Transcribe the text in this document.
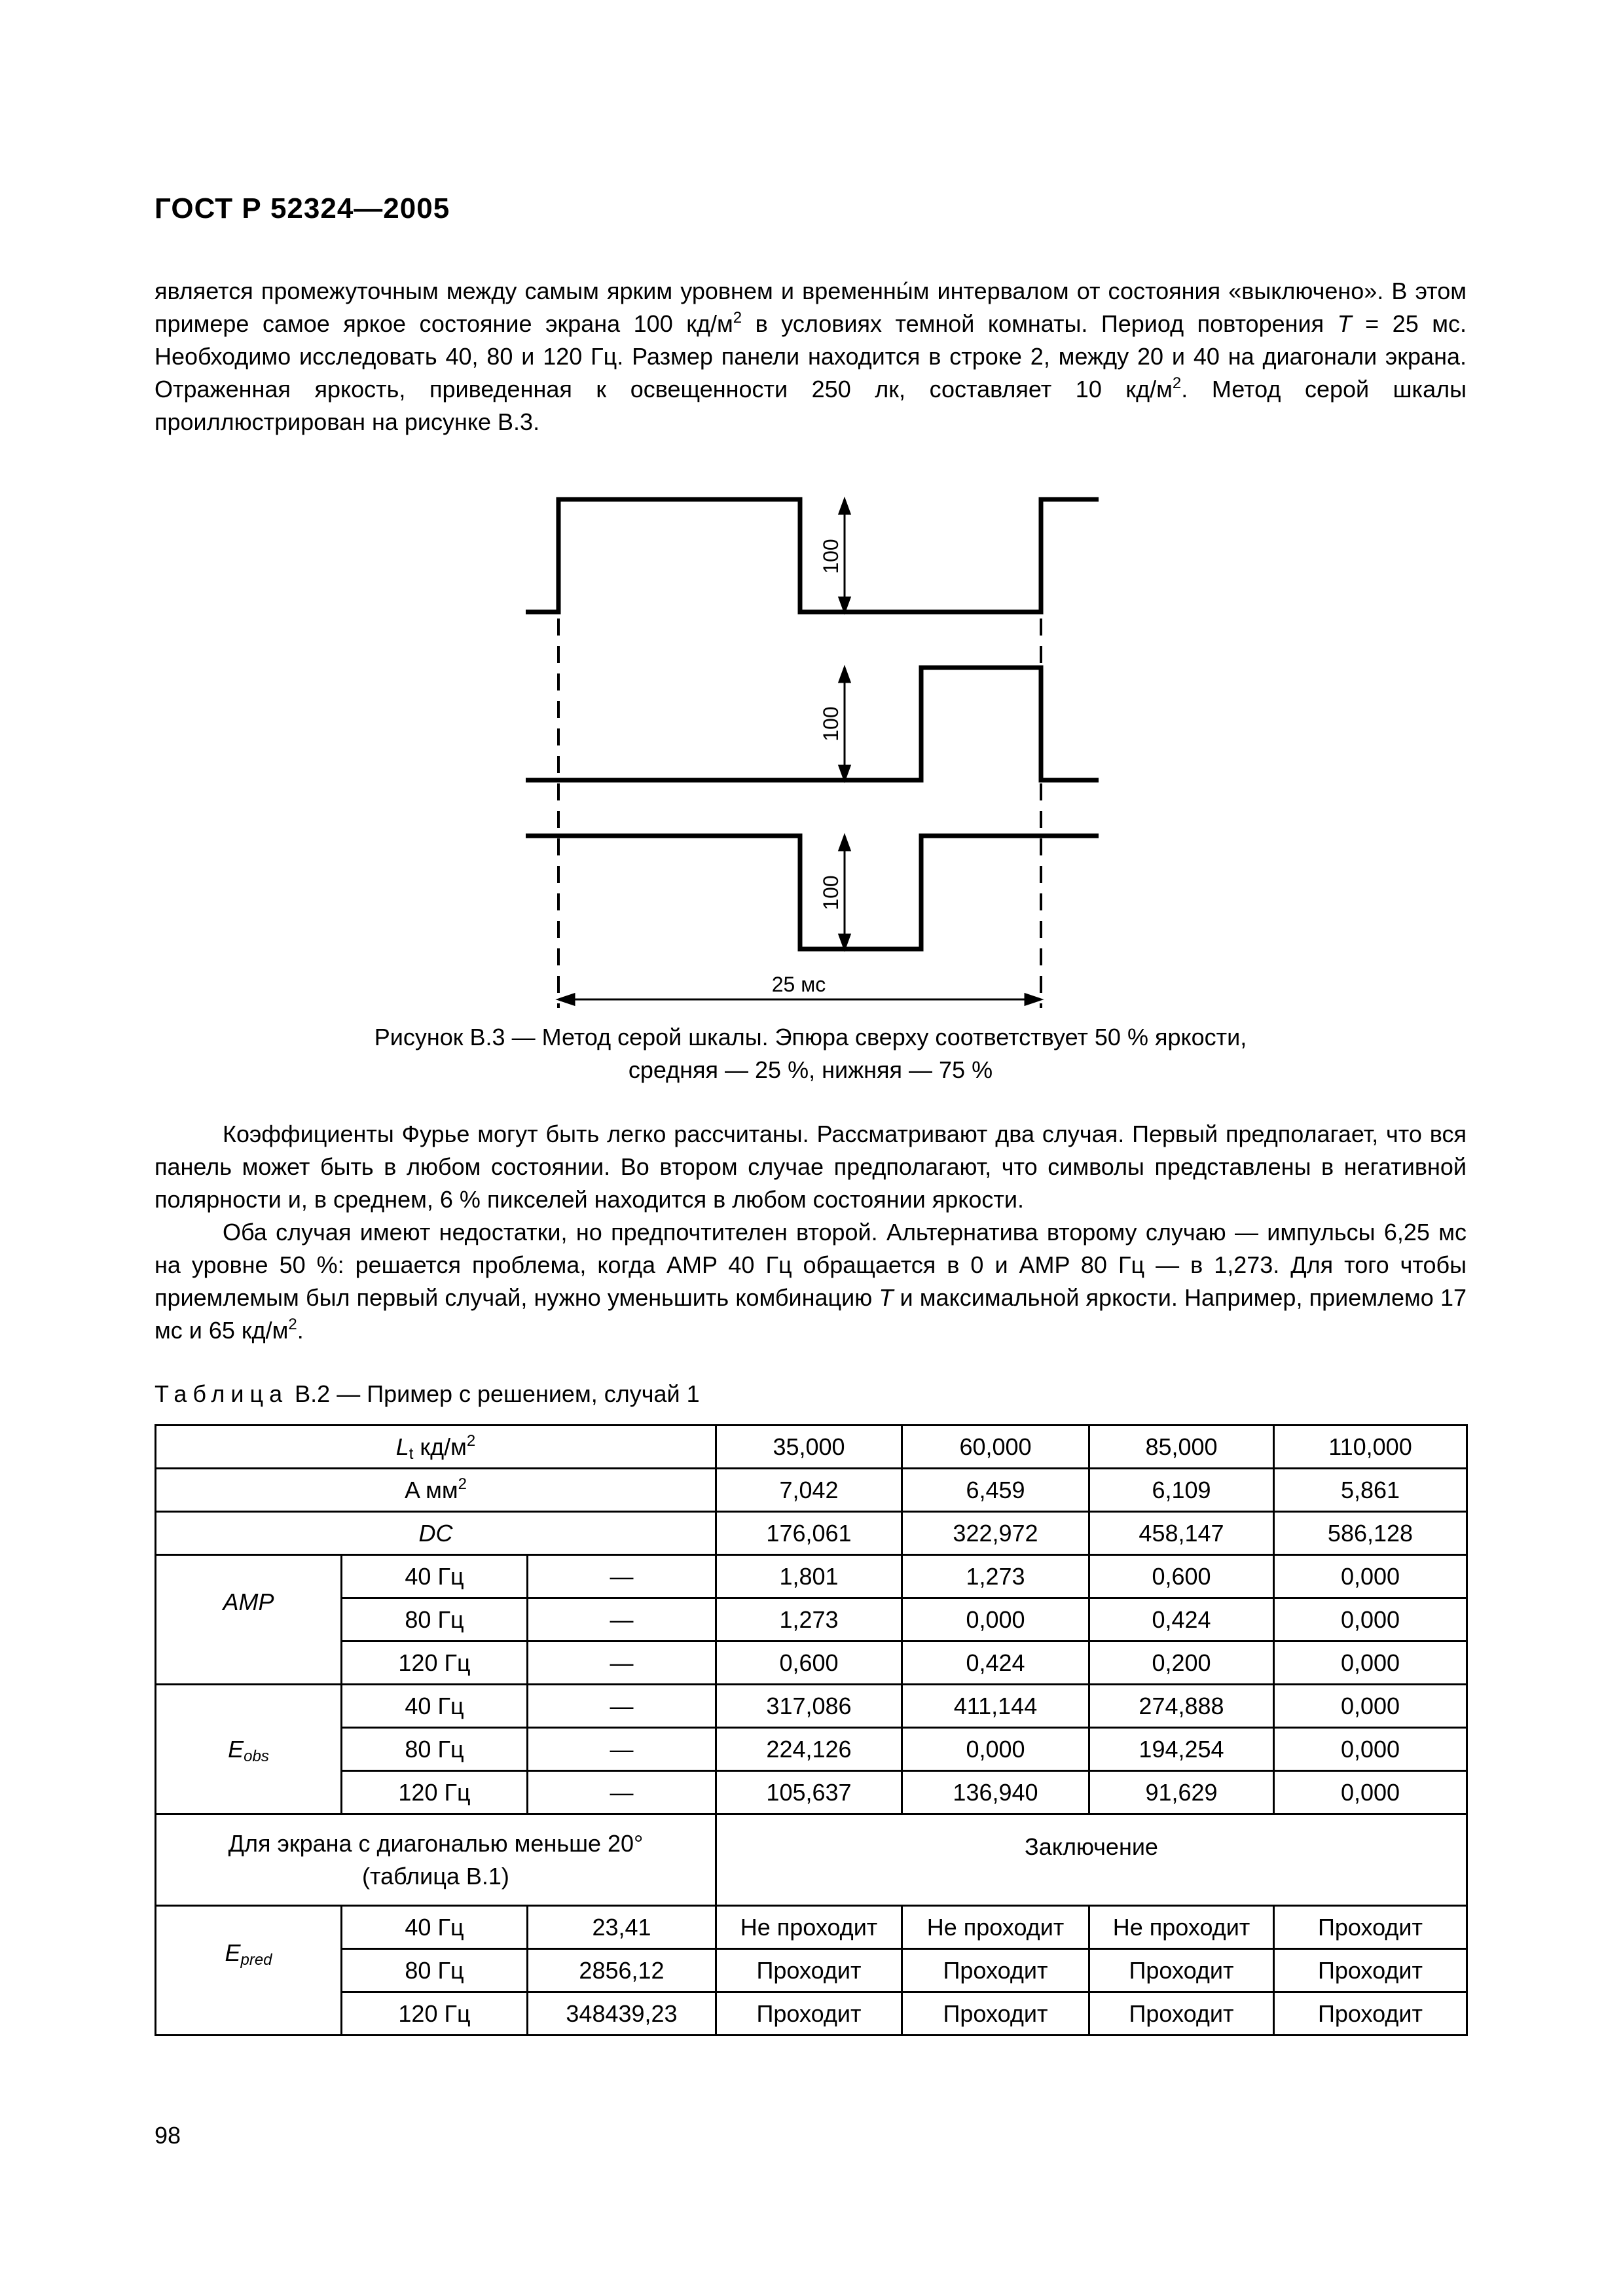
ГОСТ Р 52324—2005

является промежуточным между самым ярким уровнем и временны́м интервалом от состояния «выключено». В этом примере самое яркое состояние экрана 100 $кд/м^2$ в условиях темной комнаты. Период повторения T = 25 мс. Необходимо исследовать 40, 80 и 120 Гц. Размер панели находится в строке 2, между 20 и 40 на диагонали экрана. Отраженная яркость, приведенная к освещенности 250 лк, составляет 10 $кд/м^2$. Метод серой шкалы проиллюстрирован на рисунке В.3.

100
100
100
25 мс
Рисунок В.3 — Метод серой шкалы. Эпюра сверху соответствует 50 % яркости,
средняя — 25 %, нижняя — 75 %

Коэффициенты Фурье могут быть легко рассчитаны. Рассматривают два случая. Первый предполагает, что вся панель может быть в любом состоянии. Во втором случае предполагают, что символы представлены в негативной полярности и, в среднем, 6 % пикселей находится в любом состоянии яркости.

Оба случая имеют недостатки, но предпочтителен второй. Альтернатива второму случаю — импульсы 6,25 мс на уровне 50 %: решается проблема, когда AMP 40 Гц обращается в 0 и AMP 80 Гц — в 1,273. Для того чтобы приемлемым был первый случай, нужно уменьшить комбинацию T и максимальной яркости. Например, приемлемо 17 мс и 65 $кд/м^2$.

Таблица В.2 — Пример с решением, случай 1
$L_t$ $кд/м^2$			35,000	60,000	85,000	110,000
A $мм^2$			7,042	6,459	6,109	5,861
DC			176,061	322,972	458,147	586,128
AMP	40 Гц	—	1,801	1,273	0,600	0,000
	80 Гц	—	1,273	0,000	0,424	0,000
	120 Гц	—	0,600	0,424	0,200	0,000
$E_{obs}$	40 Гц	—	317,086	411,144	274,888	0,000
	80 Гц	—	224,126	0,000	194,254	0,000
	120 Гц	—	105,637	136,940	91,629	0,000

Для экрана с диагональю меньше 20°
(таблица В.1)			Заключение			
$E_{pred}$	40 Гц	23,41	Не проходит	Не проходит	Не проходит	Проходит
	80 Гц	2856,12	Проходит	Проходит	Проходит	Проходит
	120 Гц	348439,23	Проходит	Проходит	Проходит	Проходит
98
